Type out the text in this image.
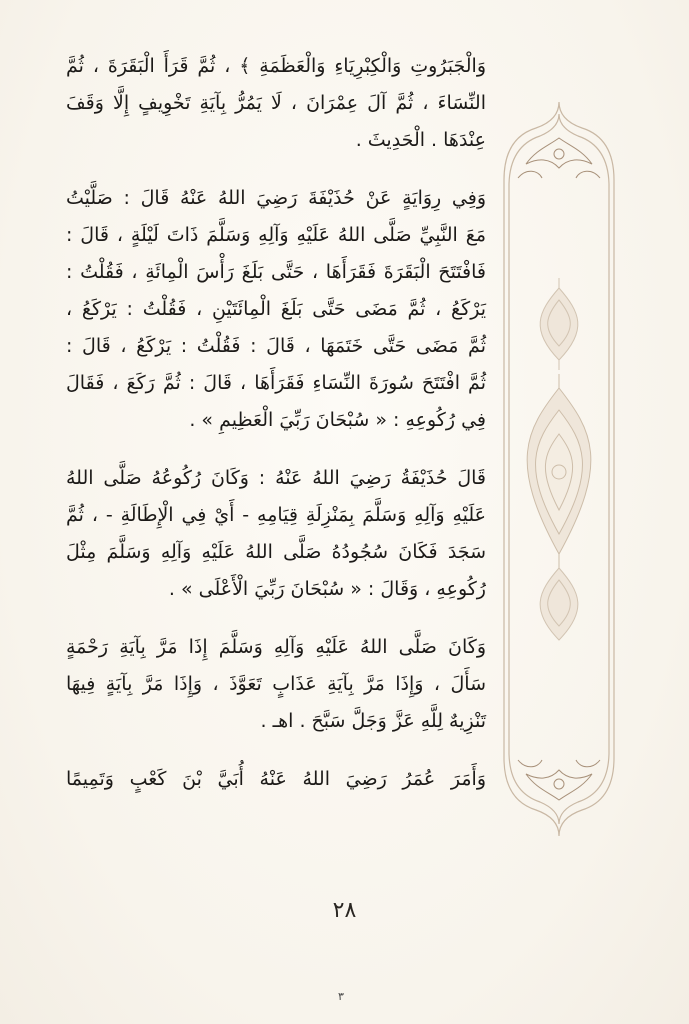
وَالْجَبَرُوتِ وَالْكِبْرِيَاءِ وَالْعَظَمَةِ ﴾ ، ثُمَّ قَرَأَ الْبَقَرَةَ ، ثُمَّ
النِّسَاءَ ، ثُمَّ آلَ عِمْرَانَ ، لَا يَمُرُّ بِآيَةِ تَخْوِيفٍ إِلَّا وَقَفَ
عِنْدَهَا . الْحَدِيثَ .

وَفِي رِوَايَةٍ عَنْ حُذَيْفَةَ رَضِيَ اللهُ عَنْهُ قَالَ : صَلَّيْتُ
مَعَ النَّبِيِّ صَلَّى اللهُ عَلَيْهِ وَآلِهِ وَسَلَّمَ ذَاتَ لَيْلَةٍ ، قَالَ :
فَافْتَتَحَ الْبَقَرَةَ فَقَرَأَهَا ، حَتَّى بَلَغَ رَأْسَ الْمِائَةِ ، فَقُلْتُ :
يَرْكَعُ ، ثُمَّ مَضَى حَتَّى بَلَغَ الْمِائَتَيْنِ ، فَقُلْتُ : يَرْكَعُ ،
ثُمَّ مَضَى حَتَّى خَتَمَهَا ، قَالَ : فَقُلْتُ : يَرْكَعُ ، قَالَ :
ثُمَّ افْتَتَحَ سُورَةَ النِّسَاءِ فَقَرَأَهَا ، قَالَ : ثُمَّ رَكَعَ ، فَقَالَ
فِي رُكُوعِهِ : « سُبْحَانَ رَبِّيَ الْعَظِيمِ » .

قَالَ حُذَيْفَةُ رَضِيَ اللهُ عَنْهُ : وَكَانَ رُكُوعُهُ صَلَّى اللهُ
عَلَيْهِ وَآلِهِ وَسَلَّمَ بِمَنْزِلَةِ قِيَامِهِ - أَيْ فِي الْإِطَالَةِ - ، ثُمَّ
سَجَدَ فَكَانَ سُجُودُهُ صَلَّى اللهُ عَلَيْهِ وَآلِهِ وَسَلَّمَ مِثْلَ
رُكُوعِهِ ، وَقَالَ : « سُبْحَانَ رَبِّيَ الْأَعْلَى » .

وَكَانَ صَلَّى اللهُ عَلَيْهِ وَآلِهِ وَسَلَّمَ إِذَا مَرَّ بِآيَةِ رَحْمَةٍ
سَأَلَ ، وَإِذَا مَرَّ بِآيَةِ عَذَابٍ تَعَوَّذَ ، وَإِذَا مَرَّ بِآيَةٍ فِيهَا
تَنْزِيهٌ لِلَّهِ عَزَّ وَجَلَّ سَبَّحَ . اهـ .

وَأَمَرَ عُمَرُ رَضِيَ اللهُ عَنْهُ أُبَيَّ بْنَ كَعْبٍ وَتَمِيمًا

٢٨
٣
